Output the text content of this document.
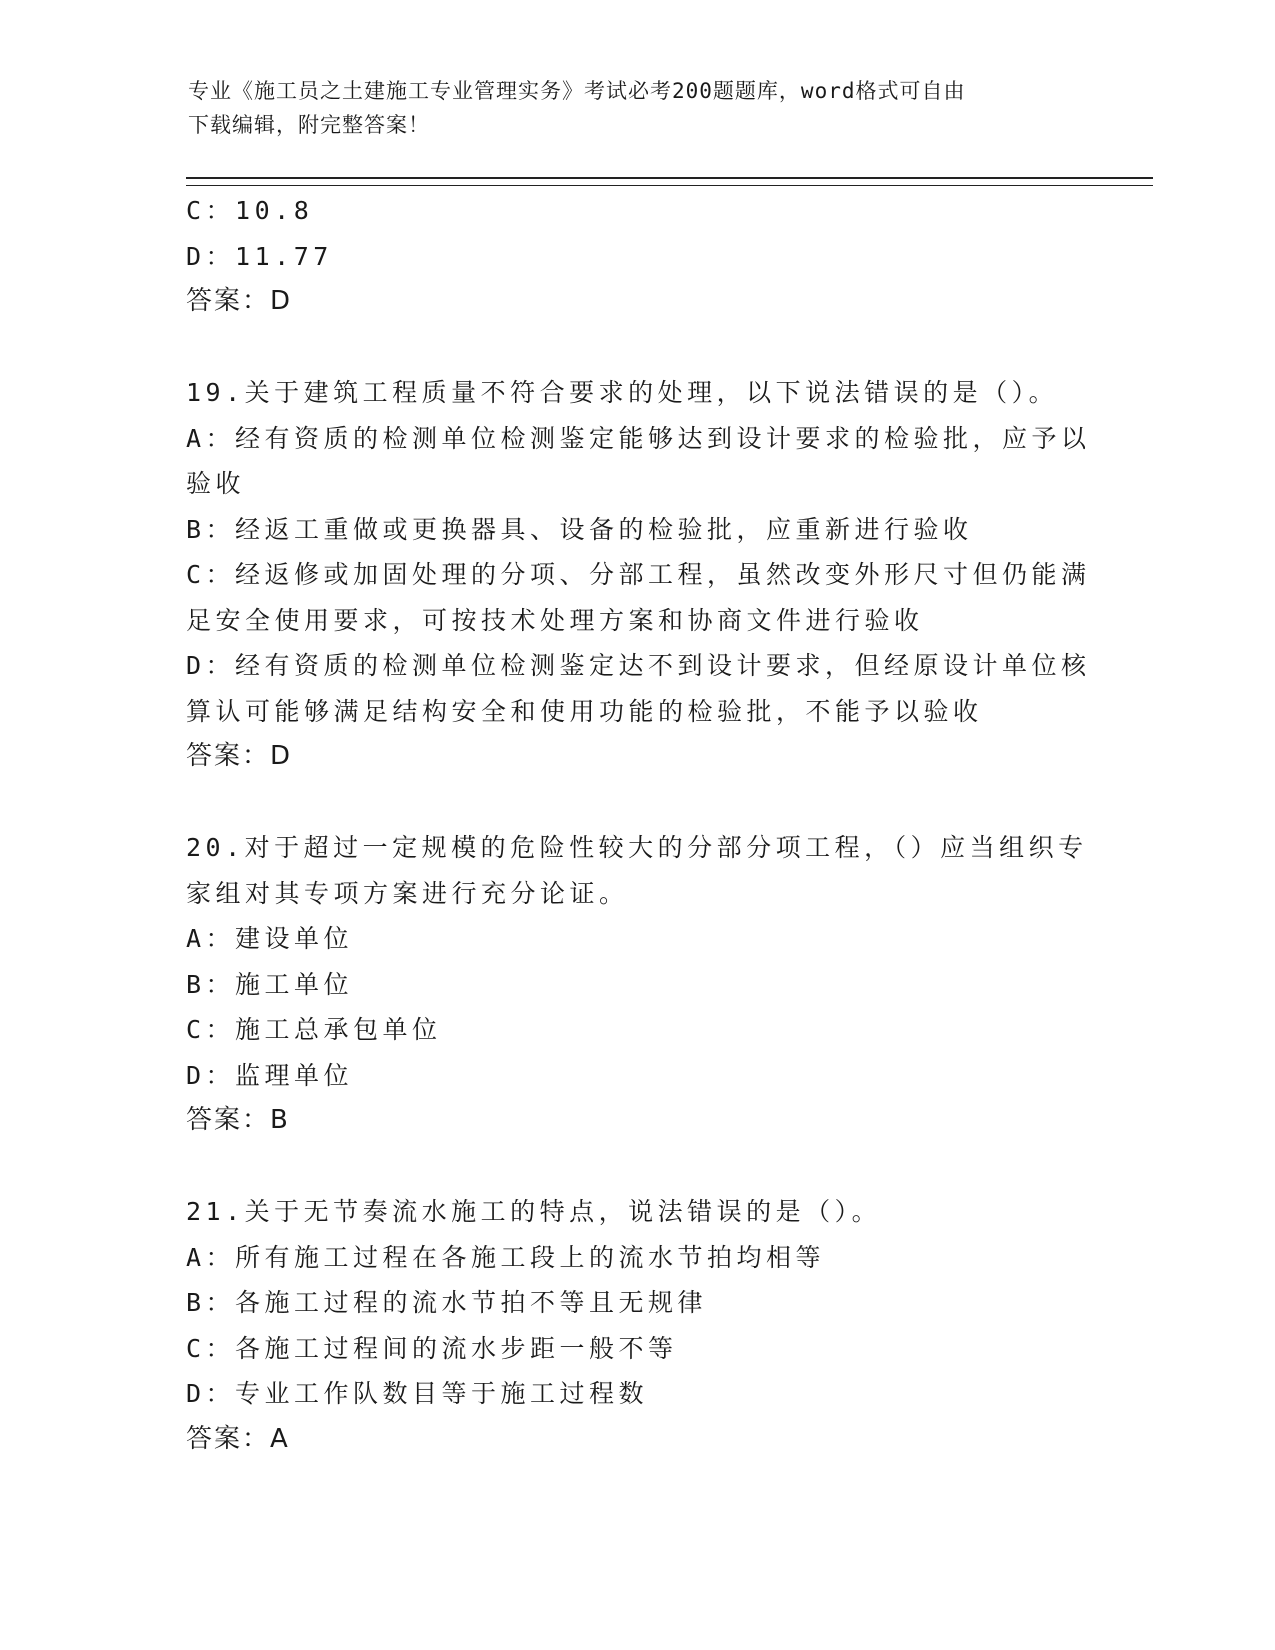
专业《施工员之土建施工专业管理实务》考试必考200题题库，word格式可自由
下载编辑，附完整答案！
C：10.8
D：11.77
答案：D
19.关于建筑工程质量不符合要求的处理，以下说法错误的是（）。
A：经有资质的检测单位检测鉴定能够达到设计要求的检验批，应予以
验收
B：经返工重做或更换器具、设备的检验批，应重新进行验收
C：经返修或加固处理的分项、分部工程，虽然改变外形尺寸但仍能满
足安全使用要求，可按技术处理方案和协商文件进行验收
D：经有资质的检测单位检测鉴定达不到设计要求，但经原设计单位核
算认可能够满足结构安全和使用功能的检验批，不能予以验收
答案：D
20.对于超过一定规模的危险性较大的分部分项工程，（）应当组织专
家组对其专项方案进行充分论证。
A：建设单位
B：施工单位
C：施工总承包单位
D：监理单位
答案：B
21.关于无节奏流水施工的特点，说法错误的是（）。
A：所有施工过程在各施工段上的流水节拍均相等
B：各施工过程的流水节拍不等且无规律
C：各施工过程间的流水步距一般不等
D：专业工作队数目等于施工过程数
答案：A
